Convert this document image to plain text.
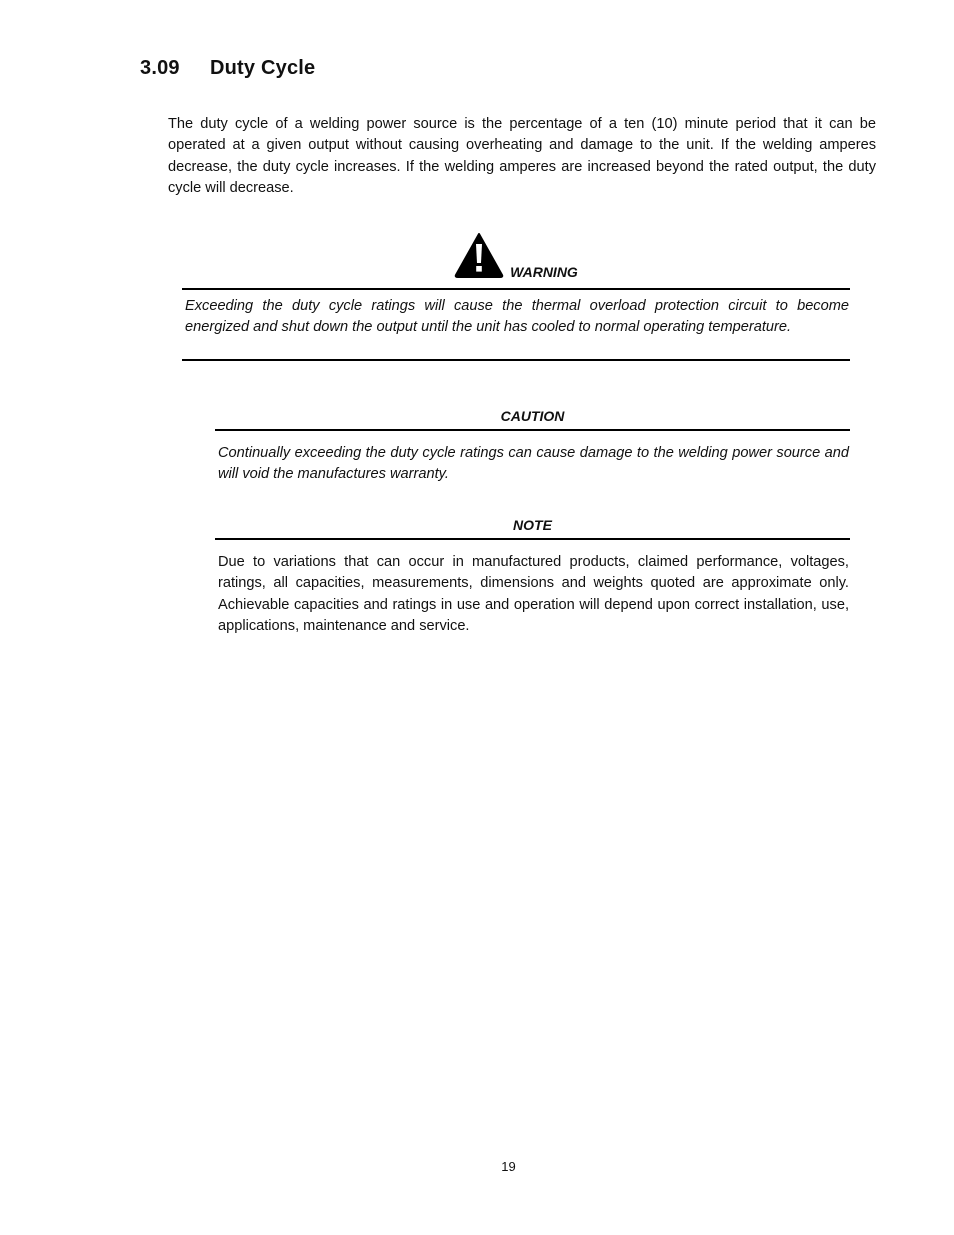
3.09 Duty Cycle

The duty cycle of a welding power source is the percentage of a ten (10) minute period that it can be operated at a given output without causing overheating and damage to the unit. If the welding amperes decrease, the duty cycle increases. If the welding amperes are increased beyond the rated output, the duty cycle will decrease.

WARNING

Exceeding the duty cycle ratings will cause the thermal overload protection circuit to become energized and shut down the output until the unit has cooled to normal operating temperature.

CAUTION

Continually exceeding the duty cycle ratings can cause damage to the welding power source and will void the manufactures warranty.

NOTE

Due to variations that can occur in manufactured products, claimed performance, voltages, ratings, all capacities, measurements, dimensions and weights quoted are approximate only. Achievable capacities and ratings in use and operation will depend upon correct installation, use, applications, maintenance and service.

19
